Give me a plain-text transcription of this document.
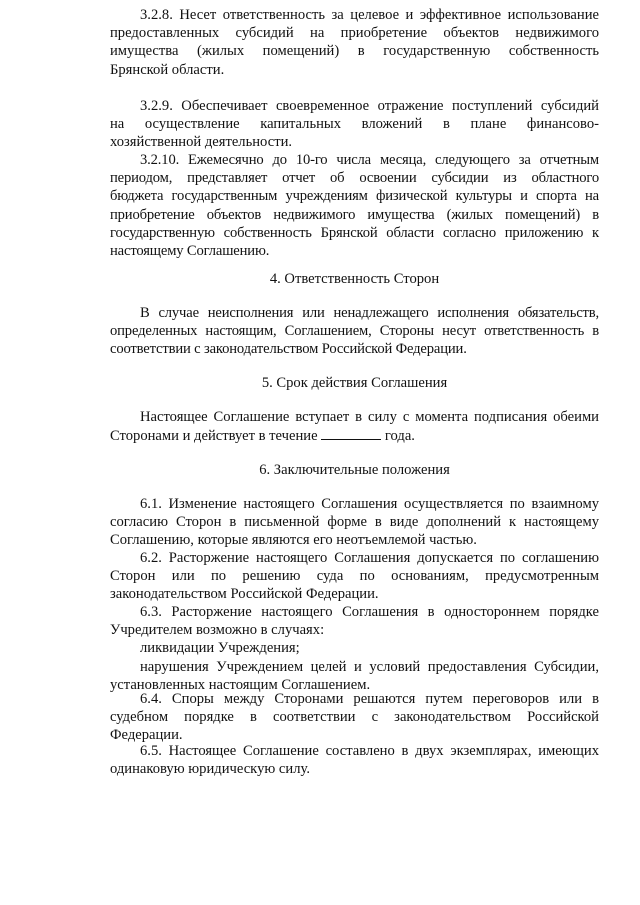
3.2.8. Несет ответственность за целевое и эффективное использование
предоставленных субсидий на приобретение объектов недвижимого
имущества (жилых помещений) в государственную собственность
Брянской области.
3.2.9. Обеспечивает своевременное отражение поступлений субсидий
на осуществление капитальных вложений в плане финансово-
хозяйственной деятельности.
3.2.10. Ежемесячно до 10-го числа месяца, следующего за отчетным
периодом, представляет отчет об освоении субсидии из областного
бюджета государственным учреждениям физической культуры и спорта на
приобретение объектов недвижимого имущества (жилых помещений) в
государственную собственность Брянской области согласно приложению к
настоящему Соглашению.
4. Ответственность Сторон
В случае неисполнения или ненадлежащего исполнения обязательств,
определенных настоящим, Соглашением, Стороны несут ответственность в
соответствии с законодательством Российской Федерации.
5. Срок действия Соглашения
Настоящее Соглашение вступает в силу с момента подписания обеими
Сторонами и действует в течение	года.
6. Заключительные положения
6.1. Изменение настоящего Соглашения осуществляется по взаимному
согласию Сторон в письменной форме в виде дополнений к настоящему
Соглашению, которые являются его неотъемлемой частью.
6.2. Расторжение настоящего Соглашения допускается по соглашению
Сторон или по решению суда по основаниям, предусмотренным
законодательством Российской Федерации.
6.3. Расторжение настоящего Соглашения в одностороннем порядке
Учредителем возможно в случаях:
ликвидации Учреждения;
нарушения Учреждением целей и условий предоставления Субсидии,
установленных настоящим Соглашением.
6.4. Споры между Сторонами решаются путем переговоров или в
судебном порядке в соответствии с законодательством Российской
Федерации.
6.5. Настоящее Соглашение составлено в двух экземплярах, имеющих
одинаковую юридическую силу.
